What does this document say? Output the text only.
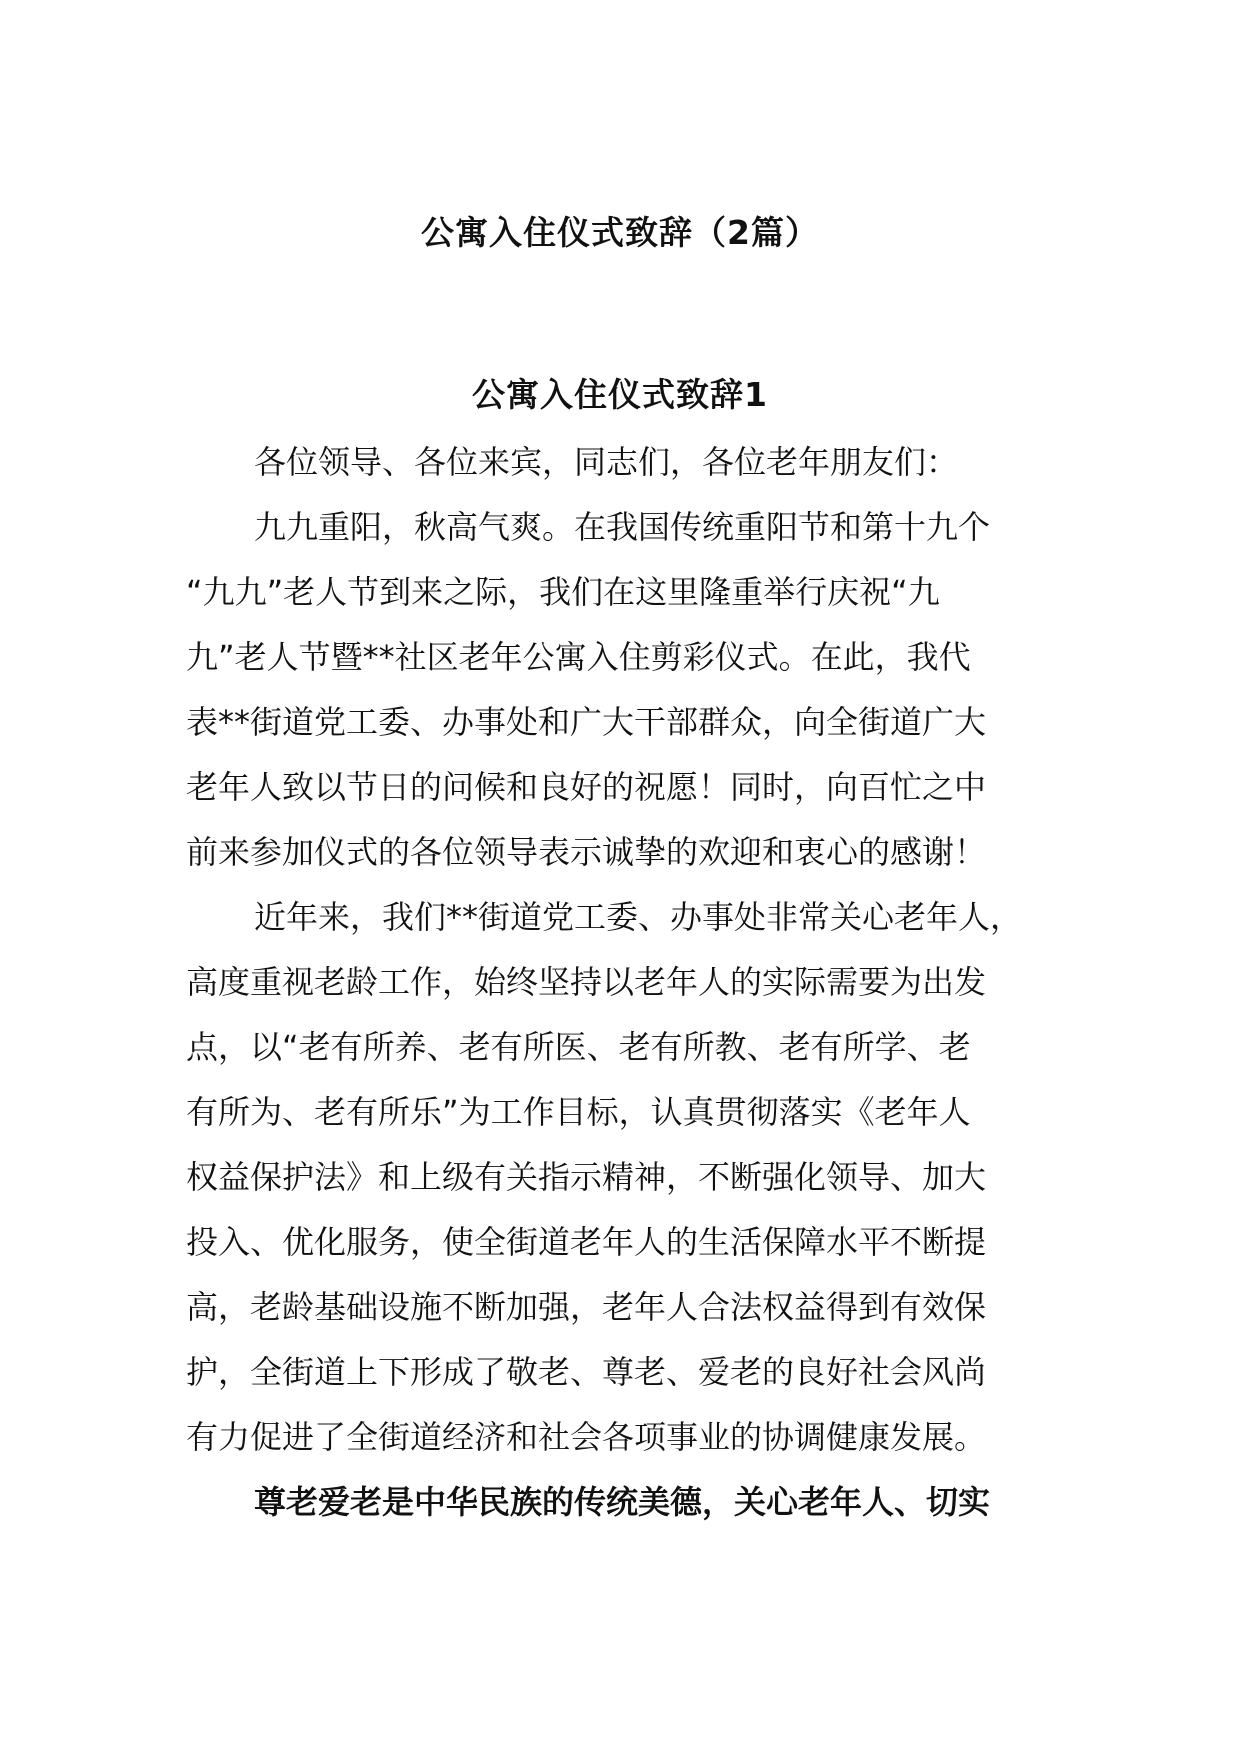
公寓入住仪式致辞（2篇）
公寓入住仪式致辞1
各位领导、各位来宾，同志们，各位老年朋友们：
九九重阳，秋高气爽。在我国传统重阳节和第十九个
“九九”老人节到来之际，我们在这里隆重举行庆祝“九
九”老人节暨**社区老年公寓入住剪彩仪式。在此，我代
表**街道党工委、办事处和广大干部群众，向全街道广大
老年人致以节日的问候和良好的祝愿！同时，向百忙之中
前来参加仪式的各位领导表示诚挚的欢迎和衷心的感谢！
近年来，我们**街道党工委、办事处非常关心老年人，
高度重视老龄工作，始终坚持以老年人的实际需要为出发
点，以“老有所养、老有所医、老有所教、老有所学、老
有所为、老有所乐”为工作目标，认真贯彻落实《老年人
权益保护法》和上级有关指示精神，不断强化领导、加大
投入、优化服务，使全街道老年人的生活保障水平不断提
高，老龄基础设施不断加强，老年人合法权益得到有效保
护，全街道上下形成了敬老、尊老、爱老的良好社会风尚
有力促进了全街道经济和社会各项事业的协调健康发展。
尊老爱老是中华民族的传统美德，关心老年人、切实
